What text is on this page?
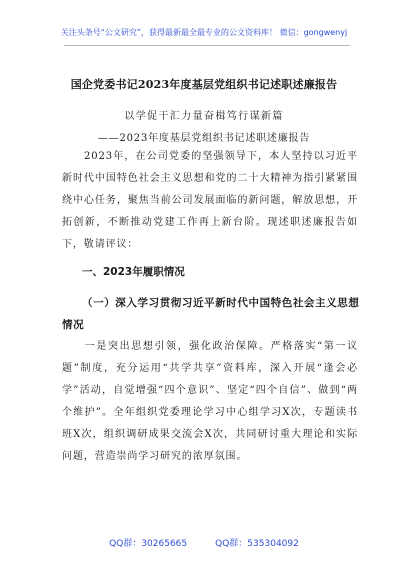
关注头条号“公文研究”，获得最新最全最专业的公文资料库！ 微信：gongwenyj
国企党委书记2023年度基层党组织书记述职述廉报告
以学促干汇力量奋楫笃行谋新篇
——2023年度基层党组织书记述职述廉报告
2023年，在公司党委的坚强领导下，本人坚持以习近平新时代中国特色社会主义思想和党的二十大精神为指引紧紧围绕中心任务，聚焦当前公司发展面临的新问题，解放思想，开拓创新，不断推动党建工作再上新台阶。现述职述廉报告如下，敬请评议：
一、2023年履职情况
（一）深入学习贯彻习近平新时代中国特色社会主义思想情况
一是突出思想引领，强化政治保障。严格落实“第一议题”制度，充分运用“共学共享”资料库，深入开展“逢会必学”活动，自觉增强“四个意识”、坚定“四个自信”、做到“两个维护”。全年组织党委理论学习中心组学习X次，专题读书班X次，组织调研成果交流会X次，共同研讨重大理论和实际问题，营造崇尚学习研究的浓厚氛围。
QQ群：30265665	QQ群：535304092
